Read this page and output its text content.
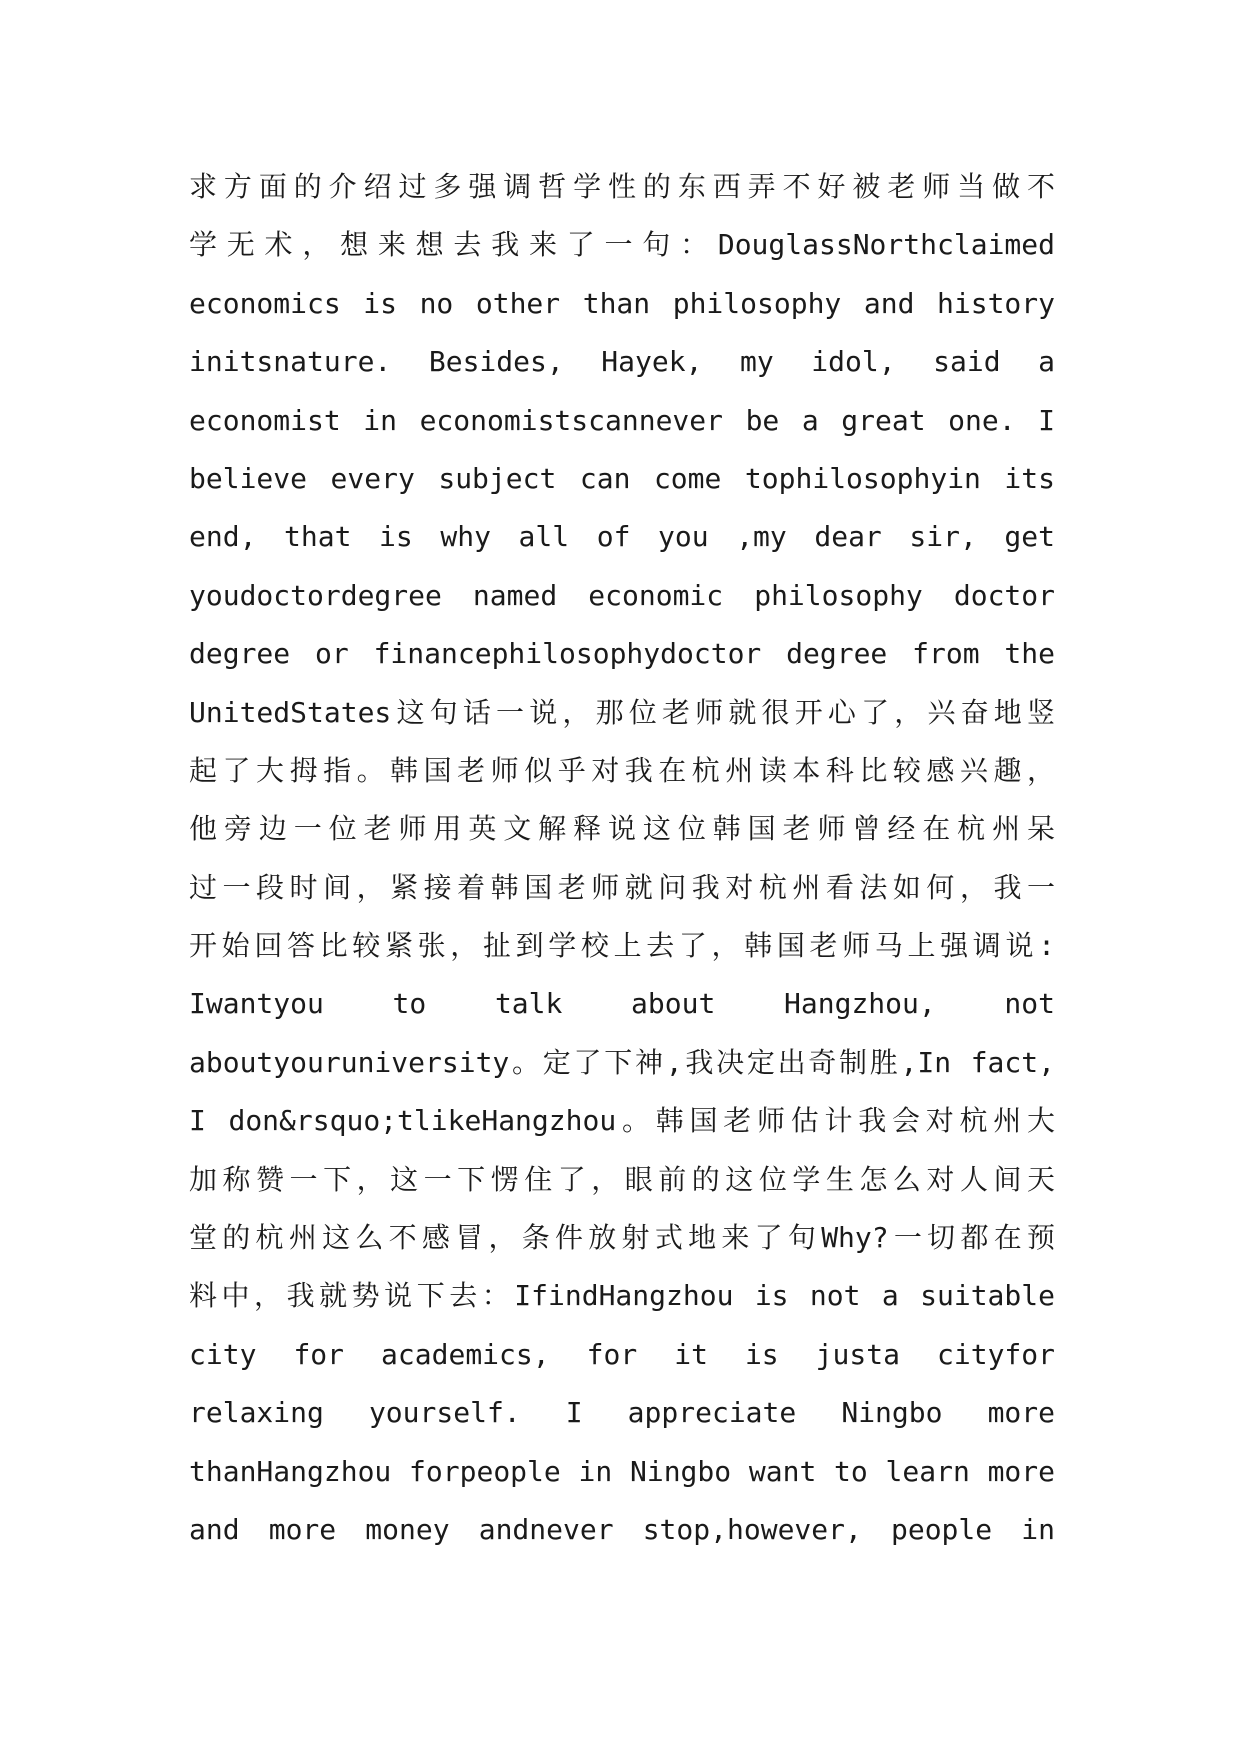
求方面的介绍过多强调哲学性的东西弄不好被老师当做不
学无术，想来想去我来了一句：DouglassNorthclaimed
economics is no other than philosophy and history
initsnature. Besides, Hayek, my idol, said a
economist in economistscannever be a great one. I
believe every subject can come tophilosophyin its
end, that is why all of you ,my dear sir, get
youdoctordegree named economic philosophy doctor
degree or financephilosophydoctor degree from the
UnitedStates这句话一说，那位老师就很开心了，兴奋地竖
起了大拇指。韩国老师似乎对我在杭州读本科比较感兴趣，
他旁边一位老师用英文解释说这位韩国老师曾经在杭州呆
过一段时间，紧接着韩国老师就问我对杭州看法如何，我一
开始回答比较紧张，扯到学校上去了，韩国老师马上强调说:
Iwantyou to talk about Hangzhou, not
aboutyouruniversity。定了下神,我决定出奇制胜,In fact,
I don&rsquo;tlikeHangzhou。韩国老师估计我会对杭州大
加称赞一下，这一下愣住了，眼前的这位学生怎么对人间天
堂的杭州这么不感冒，条件放射式地来了句Why?一切都在预
料中，我就势说下去：IfindHangzhou is not a suitable
city for academics, for it is justa cityfor
relaxing yourself. I appreciate Ningbo more
thanHangzhou forpeople in Ningbo want to learn more
and more money andnever stop,however, people in
